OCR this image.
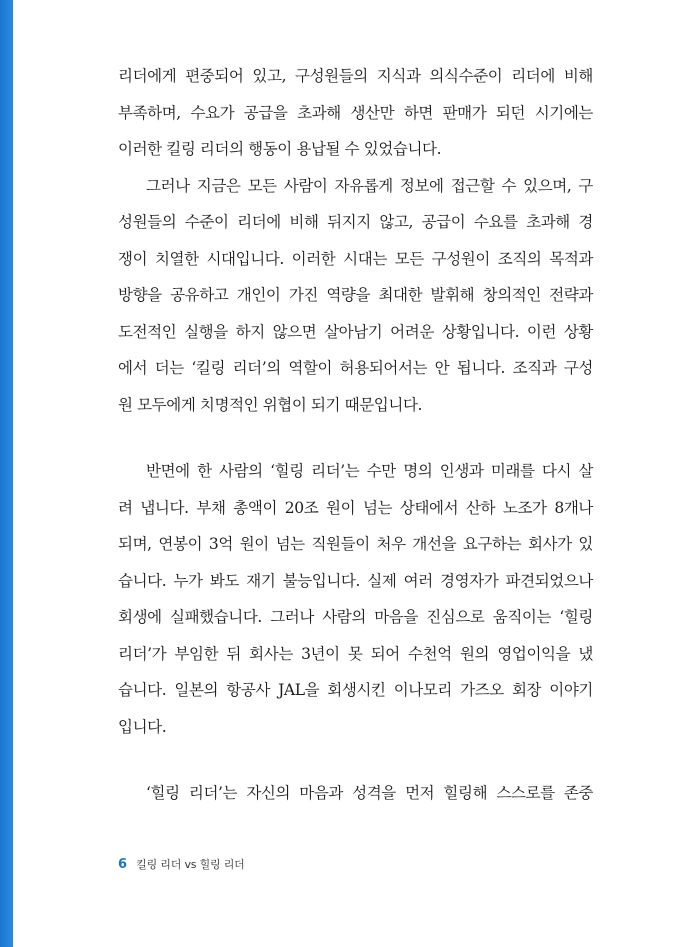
리더에게 편중되어 있고, 구성원들의 지식과 의식수준이 리더에 비해
부족하며, 수요가 공급을 초과해 생산만 하면 판매가 되던 시기에는
이러한 킬링 리더의 행동이 용납될 수 있었습니다.
그러나 지금은 모든 사람이 자유롭게 정보에 접근할 수 있으며, 구
성원들의 수준이 리더에 비해 뒤지지 않고, 공급이 수요를 초과해 경
쟁이 치열한 시대입니다. 이러한 시대는 모든 구성원이 조직의 목적과
방향을 공유하고 개인이 가진 역량을 최대한 발휘해 창의적인 전략과
도전적인 실행을 하지 않으면 살아남기 어려운 상황입니다. 이런 상황
에서 더는 ‘킬링 리더’의 역할이 허용되어서는 안 됩니다. 조직과 구성
원 모두에게 치명적인 위협이 되기 때문입니다.
반면에 한 사람의 ‘힐링 리더’는 수만 명의 인생과 미래를 다시 살
려 냅니다. 부채 총액이 20조 원이 넘는 상태에서 산하 노조가 8개나
되며, 연봉이 3억 원이 넘는 직원들이 처우 개선을 요구하는 회사가 있
습니다. 누가 봐도 재기 불능입니다. 실제 여러 경영자가 파견되었으나
회생에 실패했습니다. 그러나 사람의 마음을 진심으로 움직이는 ‘힐링
리더’가 부임한 뒤 회사는 3년이 못 되어 수천억 원의 영업이익을 냈
습니다. 일본의 항공사 JAL을 회생시킨 이나모리 가즈오 회장 이야기
입니다.
‘힐링 리더’는 자신의 마음과 성격을 먼저 힐링해 스스로를 존중
6 킬링 리더 vs 힐링 리더
